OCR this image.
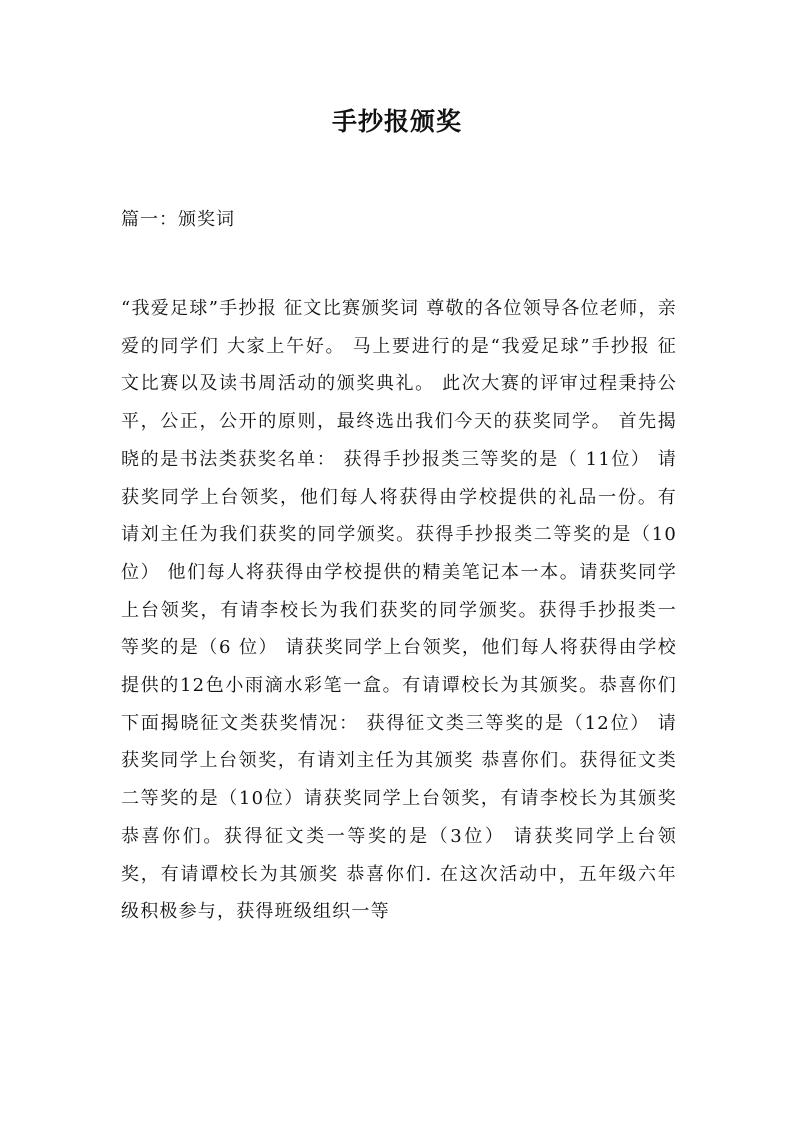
手抄报颁奖
篇一：颁奖词

“我爱足球”手抄报 征文比赛颁奖词 尊敬的各位领导各位老师，亲爱的同学们 大家上午好。 马上要进行的是“我爱足球”手抄报 征文比赛以及读书周活动的颁奖典礼。 此次大赛的评审过程秉持公平，公正，公开的原则，最终选出我们今天的获奖同学。 首先揭晓的是书法类获奖名单： 获得手抄报类三等奖的是（ 11位） 请获奖同学上台领奖，他们每人将获得由学校提供的礼品一份。有请刘主任为我们获奖的同学颁奖。获得手抄报类二等奖的是（10位） 他们每人将获得由学校提供的精美笔记本一本。请获奖同学上台领奖，有请李校长为我们获奖的同学颁奖。获得手抄报类一等奖的是（6 位） 请获奖同学上台领奖，他们每人将获得由学校提供的12色小雨滴水彩笔一盒。有请谭校长为其颁奖。恭喜你们 下面揭晓征文类获奖情况： 获得征文类三等奖的是（12位） 请获奖同学上台领奖，有请刘主任为其颁奖 恭喜你们。获得征文类二等奖的是（10位）请获奖同学上台领奖，有请李校长为其颁奖 恭喜你们。获得征文类一等奖的是（3位） 请获奖同学上台领奖，有请谭校长为其颁奖 恭喜你们. 在这次活动中，五年级六年级积极参与，获得班级组织一等
